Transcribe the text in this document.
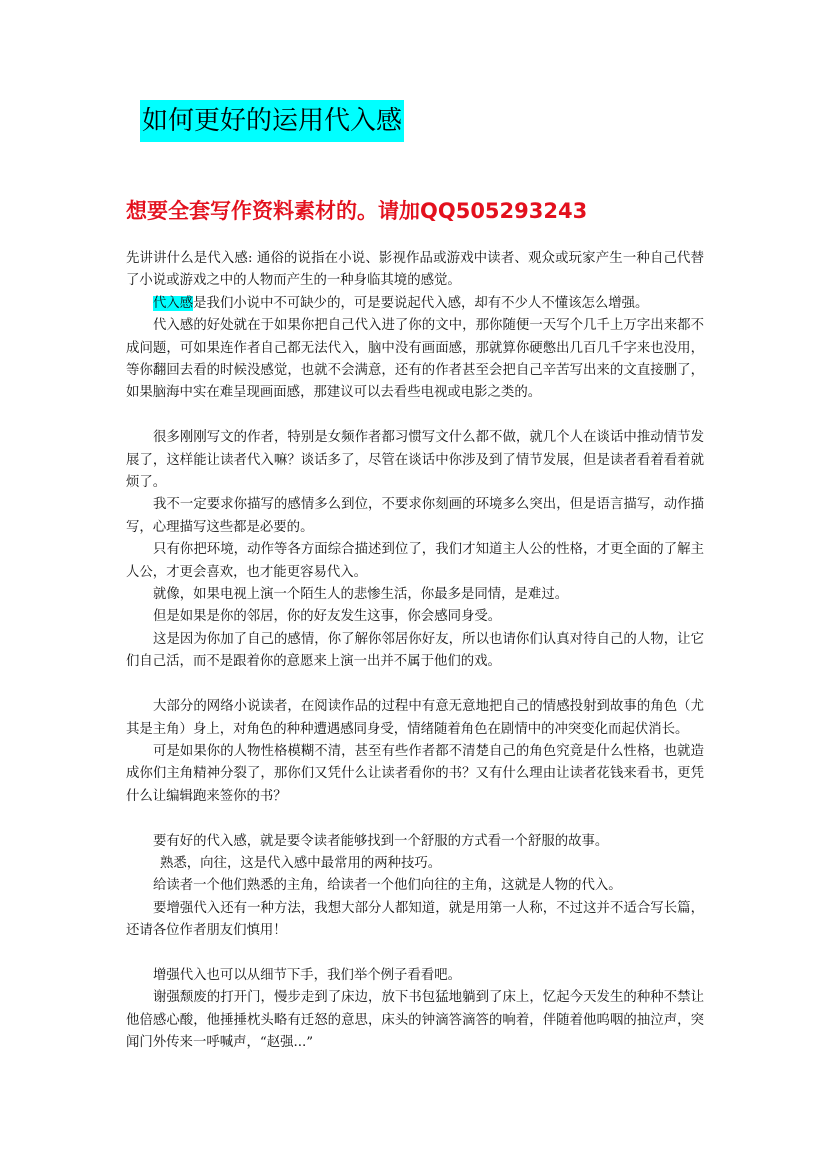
如何更好的运用代入感
想要全套写作资料素材的。请加QQ505293243

先讲讲什么是代入感: 通俗的说指在小说、影视作品或游戏中读者、观众或玩家产生一种自己代替了小说或游戏之中的人物而产生的一种身临其境的感觉。

代入感是我们小说中不可缺少的，可是要说起代入感，却有不少人不懂该怎么增强。

代入感的好处就在于如果你把自己代入进了你的文中，那你随便一天写个几千上万字出来都不成问题，可如果连作者自己都无法代入，脑中没有画面感，那就算你硬憋出几百几千字来也没用，等你翻回去看的时候没感觉，也就不会满意，还有的作者甚至会把自己辛苦写出来的文直接删了，如果脑海中实在难呈现画面感，那建议可以去看些电视或电影之类的。

很多刚刚写文的作者，特别是女频作者都习惯写文什么都不做，就几个人在谈话中推动情节发展了，这样能让读者代入嘛？谈话多了，尽管在谈话中你涉及到了情节发展，但是读者看着看着就烦了。

我不一定要求你描写的感情多么到位，不要求你刻画的环境多么突出，但是语言描写，动作描写，心理描写这些都是必要的。

只有你把环境，动作等各方面综合描述到位了，我们才知道主人公的性格，才更全面的了解主人公，才更会喜欢，也才能更容易代入。

就像，如果电视上演一个陌生人的悲惨生活，你最多是同情，是难过。

但是如果是你的邻居，你的好友发生这事，你会感同身受。

这是因为你加了自己的感情，你了解你邻居你好友，所以也请你们认真对待自己的人物，让它们自己活，而不是跟着你的意愿来上演一出并不属于他们的戏。

大部分的网络小说读者，在阅读作品的过程中有意无意地把自己的情感投射到故事的角色（尤其是主角）身上，对角色的种种遭遇感同身受，情绪随着角色在剧情中的冲突变化而起伏消长。

可是如果你的人物性格模糊不清，甚至有些作者都不清楚自己的角色究竟是什么性格，也就造成你们主角精神分裂了，那你们又凭什么让读者看你的书？又有什么理由让读者花钱来看书，更凭什么让编辑跑来签你的书？

要有好的代入感，就是要令读者能够找到一个舒服的方式看一个舒服的故事。

熟悉，向往，这是代入感中最常用的两种技巧。

给读者一个他们熟悉的主角，给读者一个他们向往的主角，这就是人物的代入。

要增强代入还有一种方法，我想大部分人都知道，就是用第一人称，不过这并不适合写长篇，还请各位作者朋友们慎用！

增强代入也可以从细节下手，我们举个例子看看吧。

谢强颓废的打开门，慢步走到了床边，放下书包猛地躺到了床上，忆起今天发生的种种不禁让他倍感心酸，他捶捶枕头略有迁怒的意思，床头的钟滴答滴答的响着，伴随着他呜咽的抽泣声，突闻门外传来一呼喊声，“赵强...”
